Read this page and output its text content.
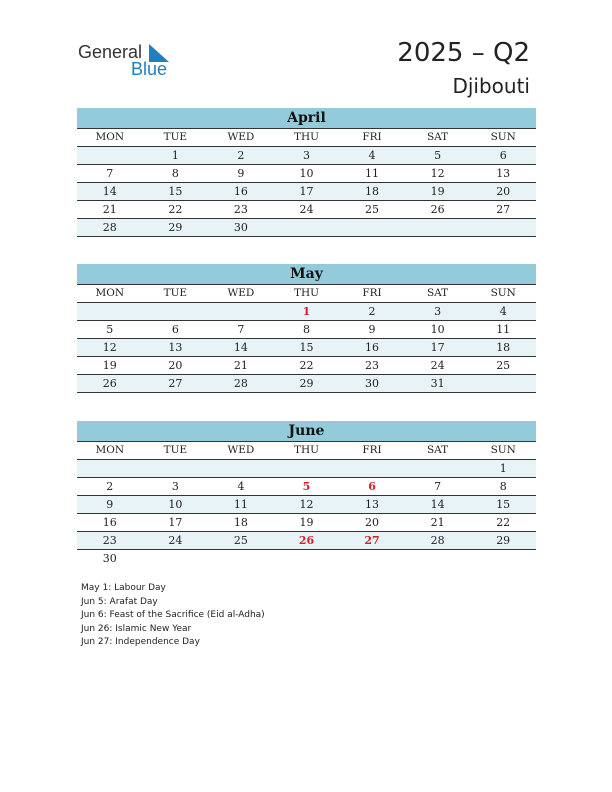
General
Blue
2025 – Q2
Djibouti
April
MON	TUE	WED	THU	FRI	SAT	SUN
	1	2	3	4	5	6
7	8	9	10	11	12	13
14	15	16	17	18	19	20
21	22	23	24	25	26	27
28	29	30				
May
MON	TUE	WED	THU	FRI	SAT	SUN
			1	2	3	4
5	6	7	8	9	10	11
12	13	14	15	16	17	18
19	20	21	22	23	24	25
26	27	28	29	30	31	
June
MON	TUE	WED	THU	FRI	SAT	SUN
						1
2	3	4	5	6	7	8
9	10	11	12	13	14	15
16	17	18	19	20	21	22
23	24	25	26	27	28	29
30						
May 1: Labour Day
Jun 5: Arafat Day
Jun 6: Feast of the Sacrifice (Eid al-Adha)
Jun 26: Islamic New Year
Jun 27: Independence Day
